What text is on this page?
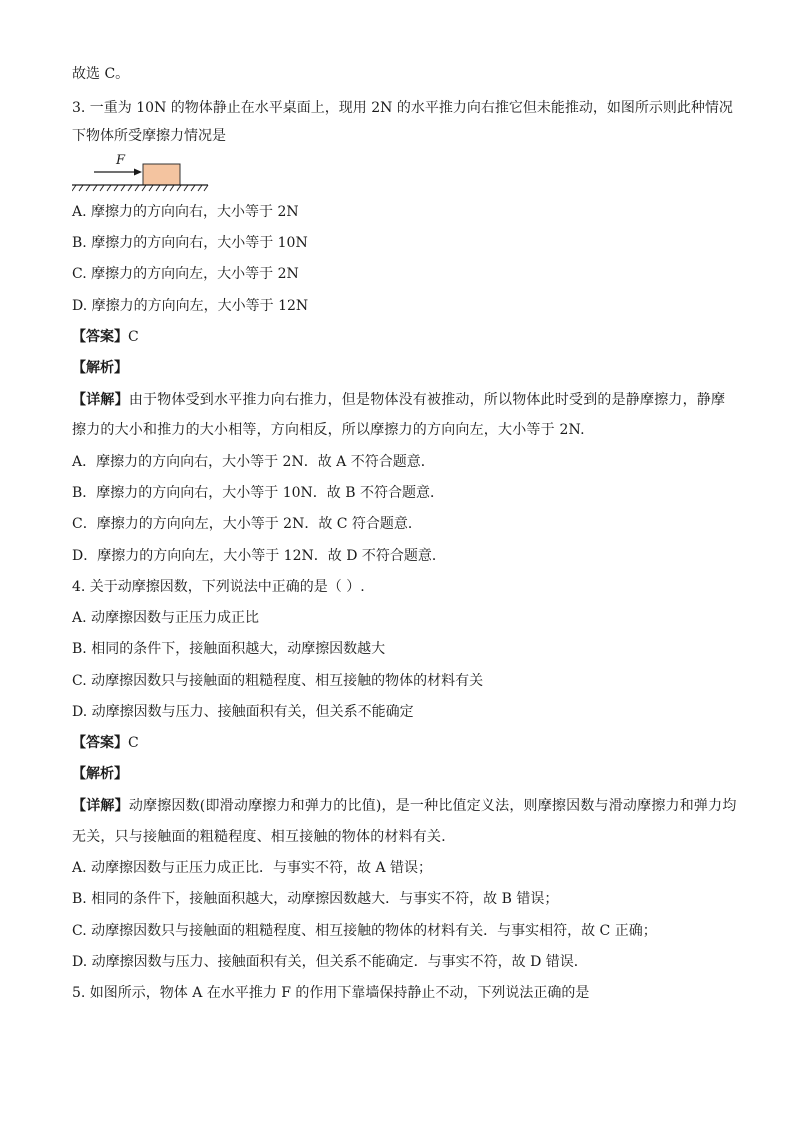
故选 C。
3. 一重为 10N 的物体静止在水平桌面上，现用 2N 的水平推力向右推它但未能推动，如图所示则此种情况
下物体所受摩擦力情况是
F
A. 摩擦力的方向向右，大小等于 2N
B. 摩擦力的方向向右，大小等于 10N
C. 摩擦力的方向向左，大小等于 2N
D. 摩擦力的方向向左，大小等于 12N
【答案】C
【解析】
【详解】由于物体受到水平推力向右推力，但是物体没有被推动，所以物体此时受到的是静摩擦力，静摩
擦力的大小和推力的大小相等，方向相反，所以摩擦力的方向向左，大小等于 2N.
A．摩擦力的方向向右，大小等于 2N．故 A 不符合题意．
B．摩擦力的方向向右，大小等于 10N．故 B 不符合题意．
C．摩擦力的方向向左，大小等于 2N．故 C 符合题意．
D．摩擦力的方向向左，大小等于 12N．故 D 不符合题意．
4. 关于动摩擦因数，下列说法中正确的是（ ）.
A. 动摩擦因数与正压力成正比
B. 相同的条件下，接触面积越大，动摩擦因数越大
C. 动摩擦因数只与接触面的粗糙程度、相互接触的物体的材料有关
D. 动摩擦因数与压力、接触面积有关，但关系不能确定
【答案】C
【解析】
【详解】动摩擦因数(即滑动摩擦力和弹力的比值)，是一种比值定义法，则摩擦因数与滑动摩擦力和弹力均
无关，只与接触面的粗糙程度、相互接触的物体的材料有关．
A. 动摩擦因数与正压力成正比．与事实不符，故 A 错误；
B. 相同的条件下，接触面积越大，动摩擦因数越大．与事实不符，故 B 错误；
C. 动摩擦因数只与接触面的粗糙程度、相互接触的物体的材料有关．与事实相符，故 C 正确；
D. 动摩擦因数与压力、接触面积有关，但关系不能确定．与事实不符，故 D 错误．
5. 如图所示，物体 A 在水平推力 F 的作用下靠墙保持静止不动，下列说法正确的是
